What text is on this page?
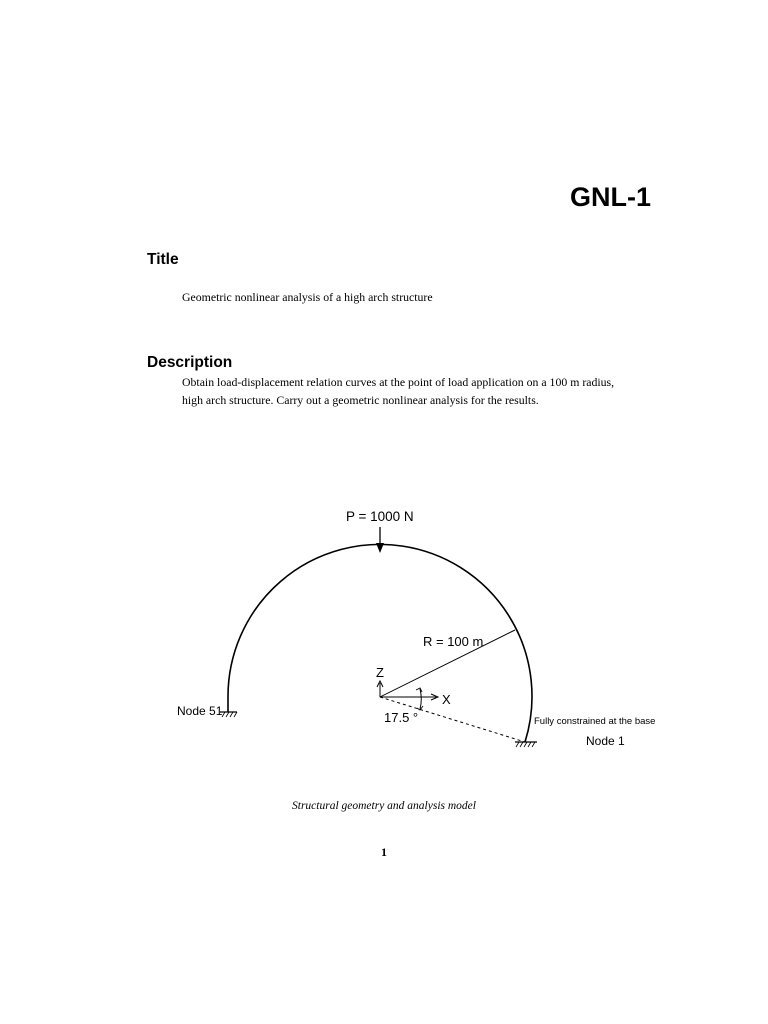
GNL-1
Title
Geometric nonlinear analysis of a high arch structure
Description
Obtain load-displacement relation curves at the point of load application on a 100 m radius,
high arch structure. Carry out a geometric nonlinear analysis for the results.
P = 1000 N
R = 100 m
Z
X
17.5 °
Node 51
Fully constrained at the base
Node 1
Structural geometry and analysis model
1
